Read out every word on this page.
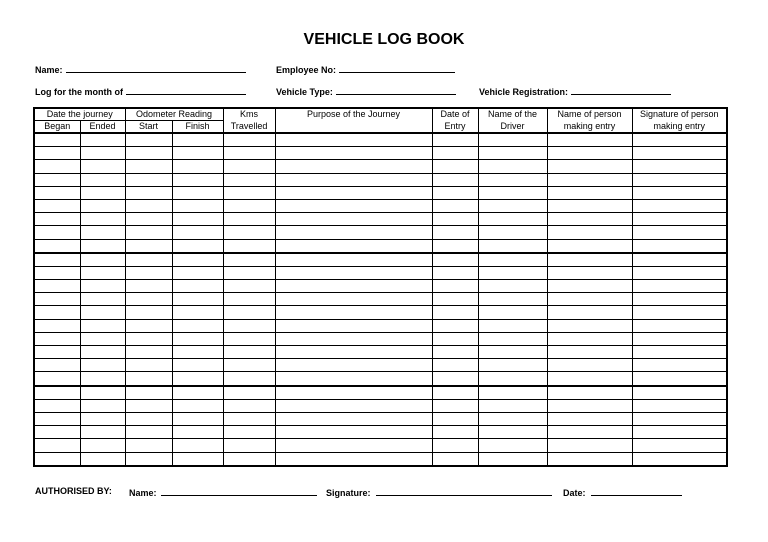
VEHICLE LOG BOOK
Name:	Employee No:
Log for the month of	Vehicle Type:	Vehicle Registration:
Date the journey		Odometer Reading		Kms	Purpose of the Journey	Date of	Name of the	Name of person	Signature of person
Began	Ended	Start	Finish	Travelled		Entry	Driver	making entry	making entry

AUTHORISED BY: Name:	Signature:	Date:
